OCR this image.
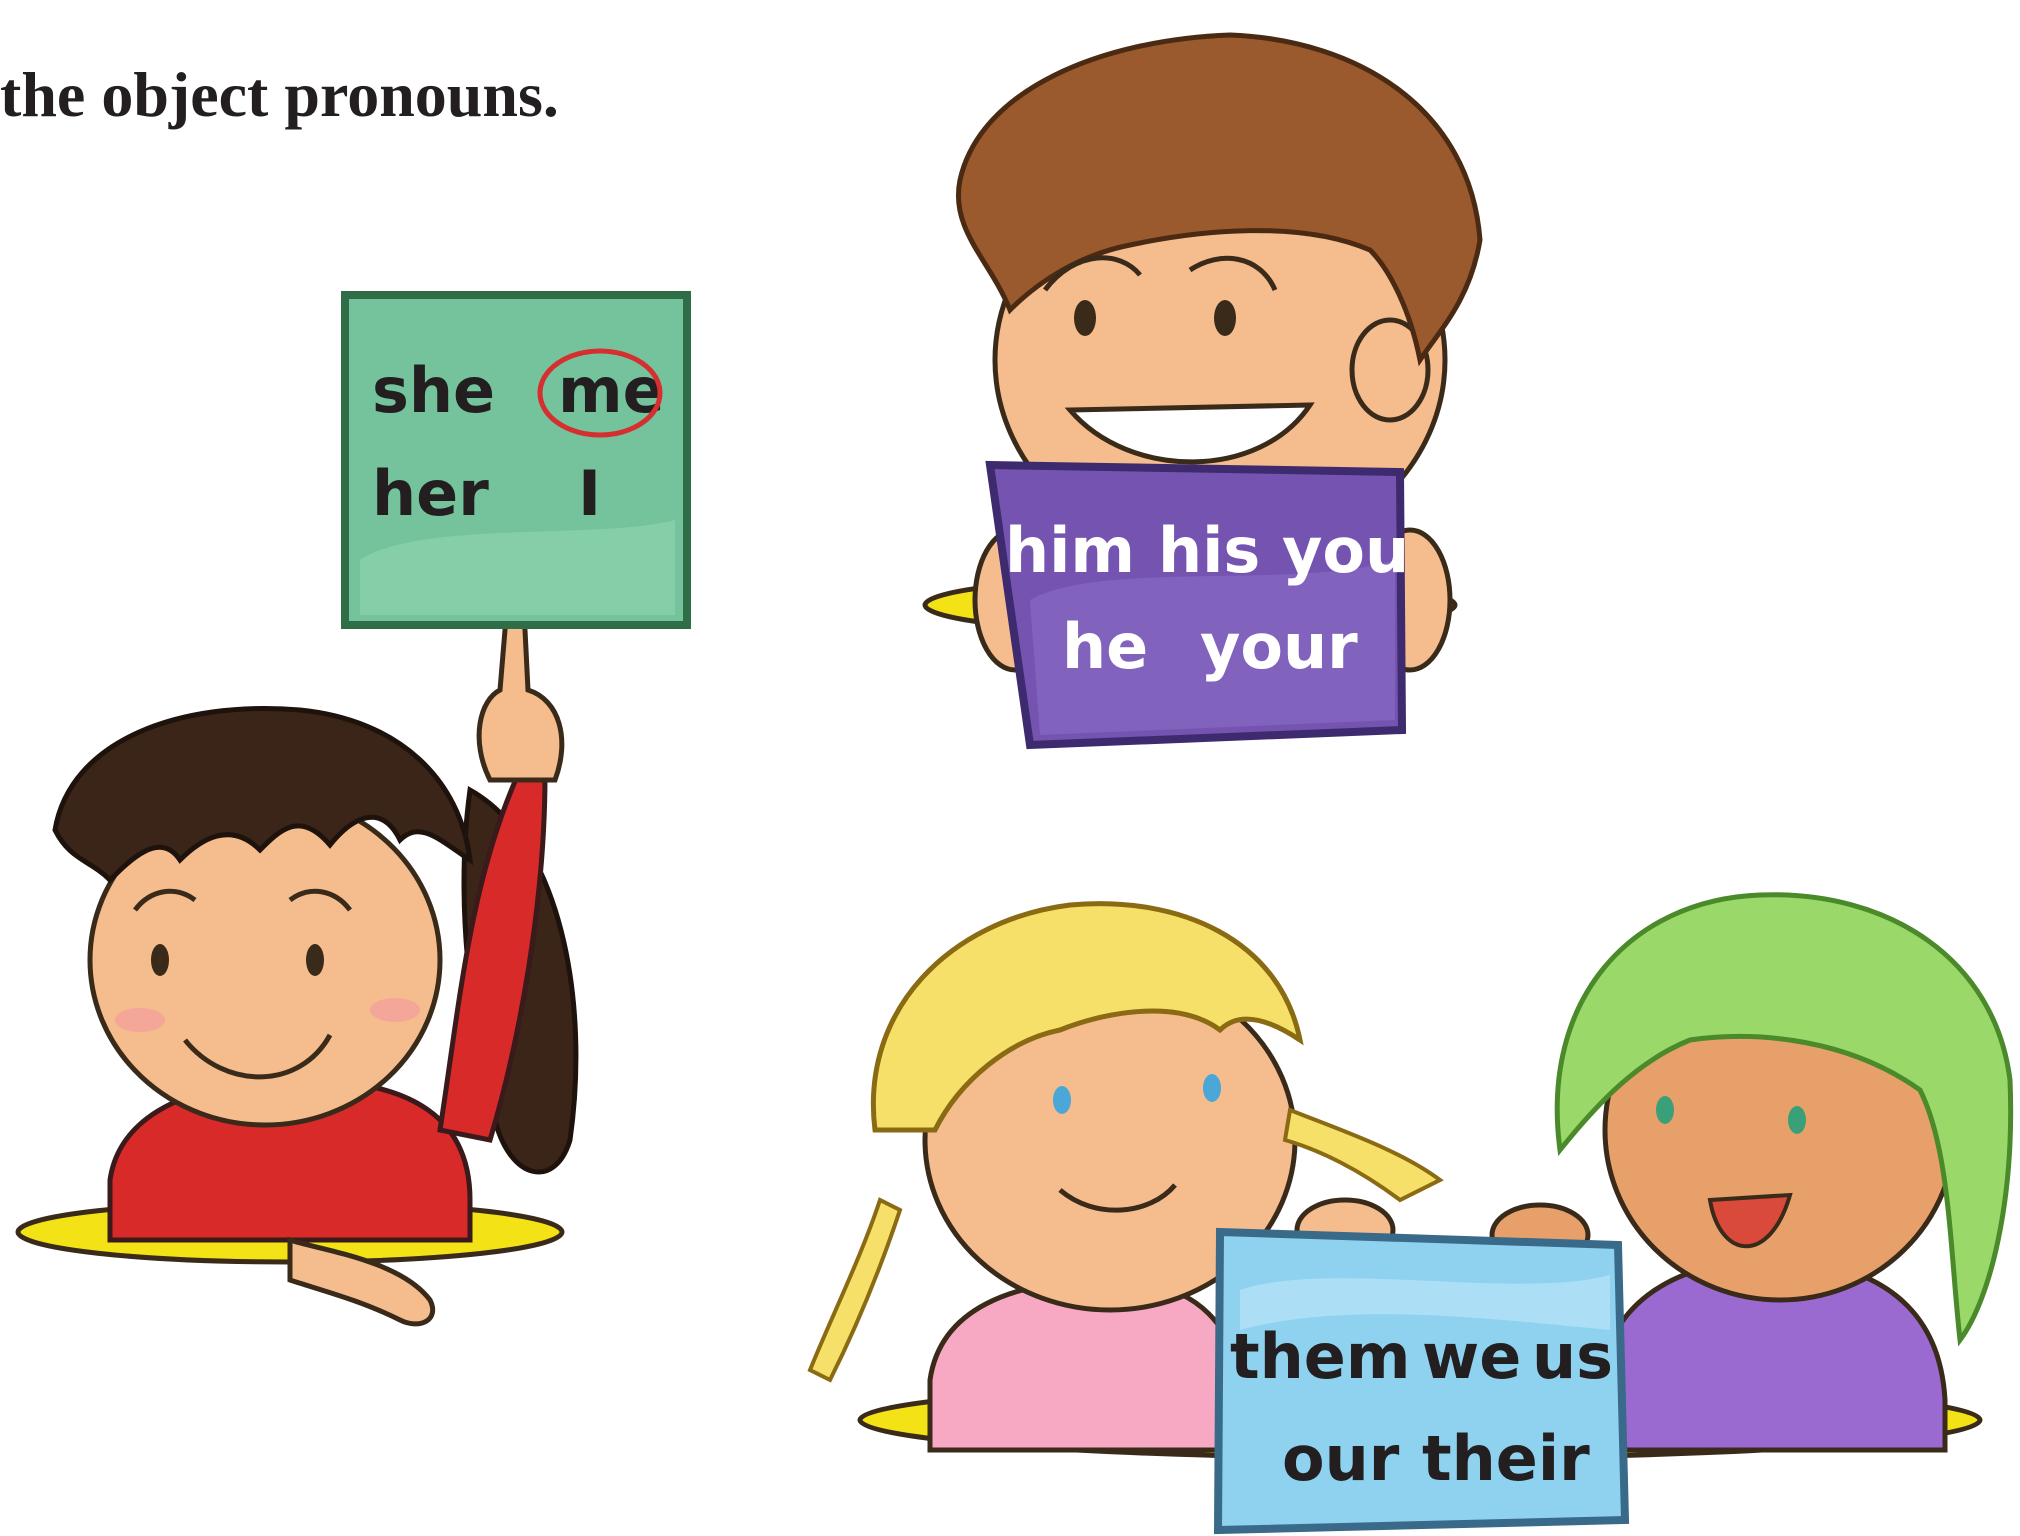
the object pronouns.
she me
her I
him his you
he your
them we us
our their
